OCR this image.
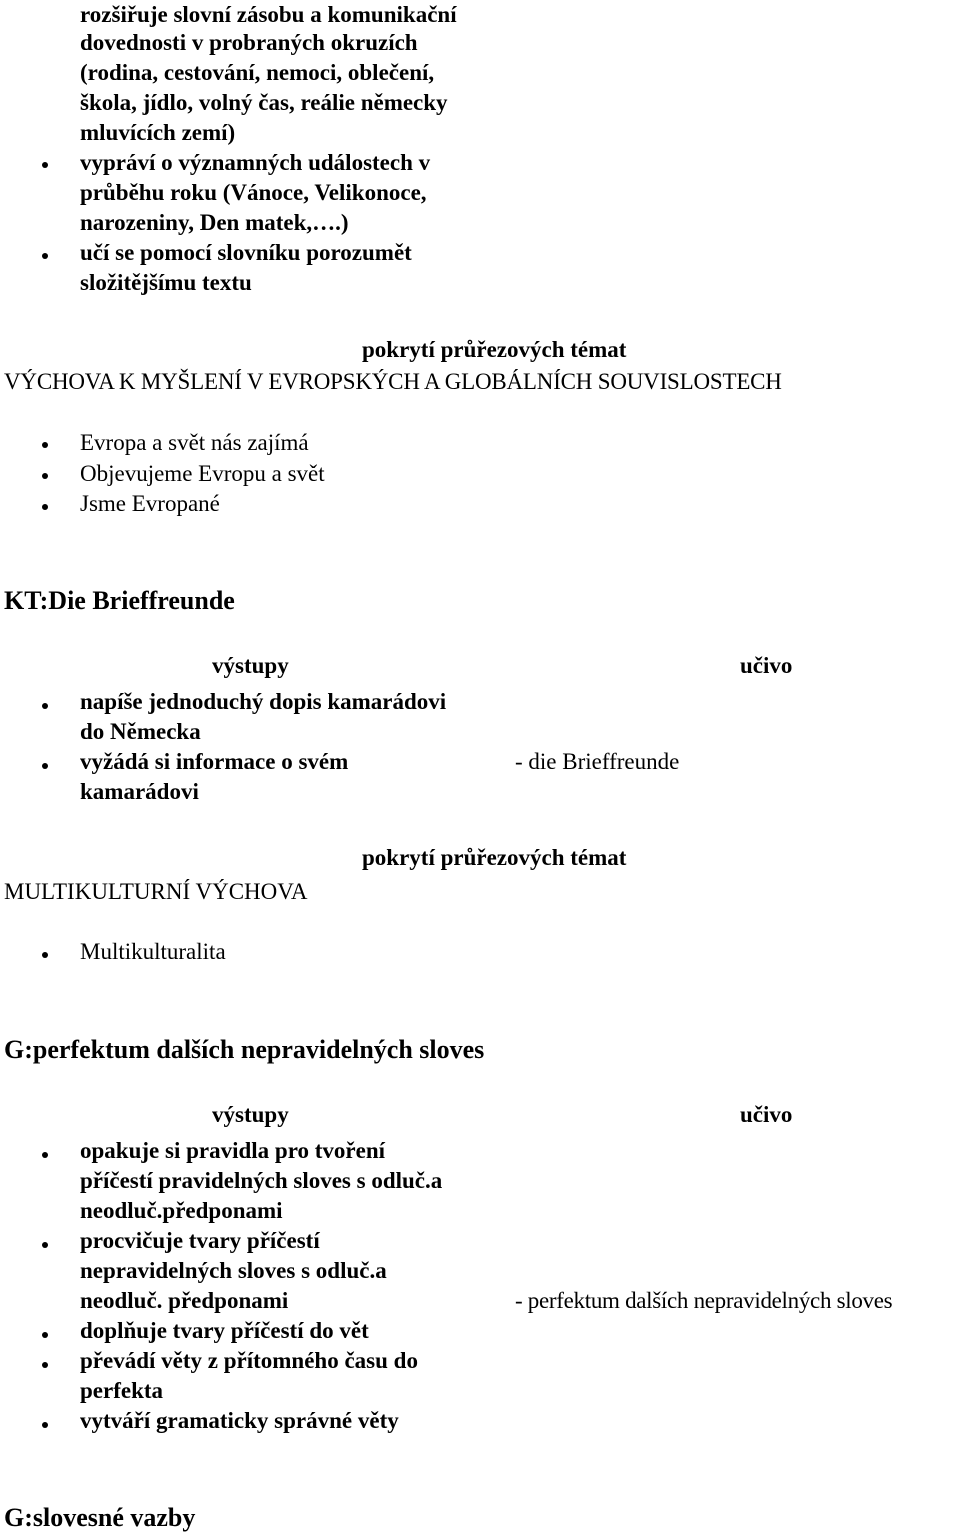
rozšiřuje slovní zásobu a komunikační
dovednosti v probraných okruzích
(rodina, cestování, nemoci, oblečení,
škola, jídlo, volný čas, reálie německy
mluvících zemí)
vypráví o významných událostech v
průběhu roku (Vánoce, Velikonoce,
narozeniny, Den matek,….)
učí se pomocí slovníku porozumět
složitějšímu textu
pokrytí průřezových témat
VÝCHOVA K MYŠLENÍ V EVROPSKÝCH A GLOBÁLNÍCH SOUVISLOSTECH
Evropa a svět nás zajímá
Objevujeme Evropu a svět
Jsme Evropané
KT:Die Brieffreunde
výstupy	učivo
napíše jednoduchý dopis kamarádovi
do Německa
vyžádá si informace o svém
kamarádovi
- die Brieffreunde
pokrytí průřezových témat
MULTIKULTURNÍ VÝCHOVA
Multikulturalita
G:perfektum dalších nepravidelných sloves
výstupy	učivo
opakuje si pravidla pro tvoření
příčestí pravidelných sloves s odluč.a
neodluč.předponami
procvičuje tvary příčestí
nepravidelných sloves s odluč.a
neodluč. předponami
doplňuje tvary příčestí do vět
převádí věty z přítomného času do
perfekta
vytváří gramaticky správné věty
- perfektum dalších nepravidelných sloves
G:slovesné vazby
